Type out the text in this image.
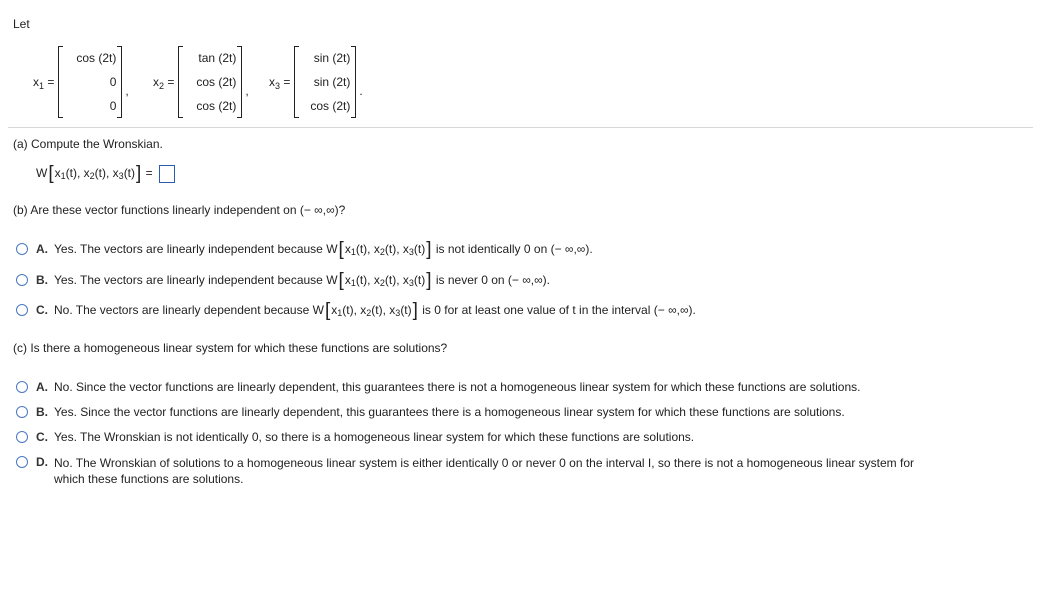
Let
$x_1$ =
cos (2t)
0
0
,
$x_2$ =
tan (2t)
cos (2t)
cos (2t)
,
$x_3$ =
sin (2t)
sin (2t)
cos (2t)
.
(a) Compute the Wronskian.
W [ x 1 (t) ,
x 2 (t) ,
x 3 (t) ]
=

(b) Are these vector functions linearly independent on (− ∞,∞)?
A. Yes. The vectors are linearly independent because W [ x 1 (t) ,
x 2 (t) ,
x 3 (t) ] is not identically 0 on (− ∞,∞).
B. Yes. The vectors are linearly independent because W [ x 1 (t) ,
x 2 (t) ,
x 3 (t) ] is never 0 on (− ∞,∞).
C. No. The vectors are linearly dependent because W [ x 1 (t) ,
x 2 (t) ,
x 3 (t) ] is 0 for at least one value of t in the interval (− ∞,∞).
(c) Is there a homogeneous linear system for which these functions are solutions?
A. No. Since the vector functions are linearly dependent, this guarantees there is not a homogeneous linear system for which these functions are solutions.
B. Yes. Since the vector functions are linearly dependent, this guarantees there is a homogeneous linear system for which these functions are solutions.
C. Yes. The Wronskian is not identically 0, so there is a homogeneous linear system for which these functions are solutions.
D. No. The Wronskian of solutions to a homogeneous linear system is either identically 0 or never 0 on the interval I, so there is not a homogeneous linear system for
which these functions are solutions.
